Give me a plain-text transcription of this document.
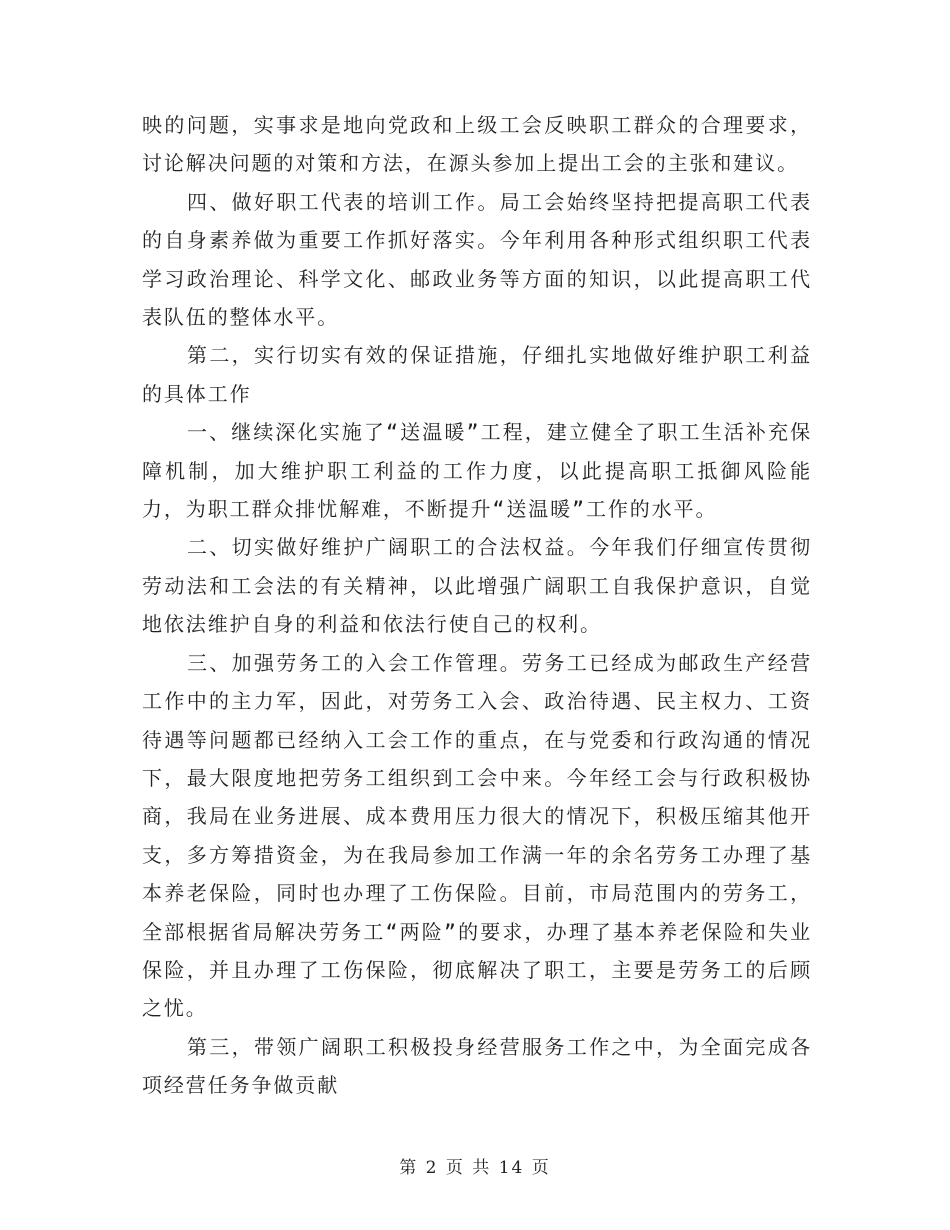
映的问题，实事求是地向党政和上级工会反映职工群众的合理要求，讨论解决问题的对策和方法，在源头参加上提出工会的主张和建议。

四、做好职工代表的培训工作。局工会始终坚持把提高职工代表的自身素养做为重要工作抓好落实。今年利用各种形式组织职工代表学习政治理论、科学文化、邮政业务等方面的知识，以此提高职工代表队伍的整体水平。

第二，实行切实有效的保证措施，仔细扎实地做好维护职工利益的具体工作

一、继续深化实施了“送温暖”工程，建立健全了职工生活补充保障机制，加大维护职工利益的工作力度，以此提高职工抵御风险能力，为职工群众排忧解难，不断提升“送温暖”工作的水平。

二、切实做好维护广阔职工的合法权益。今年我们仔细宣传贯彻劳动法和工会法的有关精神，以此增强广阔职工自我保护意识，自觉地依法维护自身的利益和依法行使自己的权利。

三、加强劳务工的入会工作管理。劳务工已经成为邮政生产经营工作中的主力军，因此，对劳务工入会、政治待遇、民主权力、工资待遇等问题都已经纳入工会工作的重点，在与党委和行政沟通的情况下，最大限度地把劳务工组织到工会中来。今年经工会与行政积极协商，我局在业务进展、成本费用压力很大的情况下，积极压缩其他开支，多方筹措资金，为在我局参加工作满一年的余名劳务工办理了基本养老保险，同时也办理了工伤保险。目前，市局范围内的劳务工，全部根据省局解决劳务工“两险”的要求，办理了基本养老保险和失业保险，并且办理了工伤保险，彻底解决了职工，主要是劳务工的后顾之忧。

第三，带领广阔职工积极投身经营服务工作之中，为全面完成各项经营任务争做贡献

第 2 页 共 14 页
